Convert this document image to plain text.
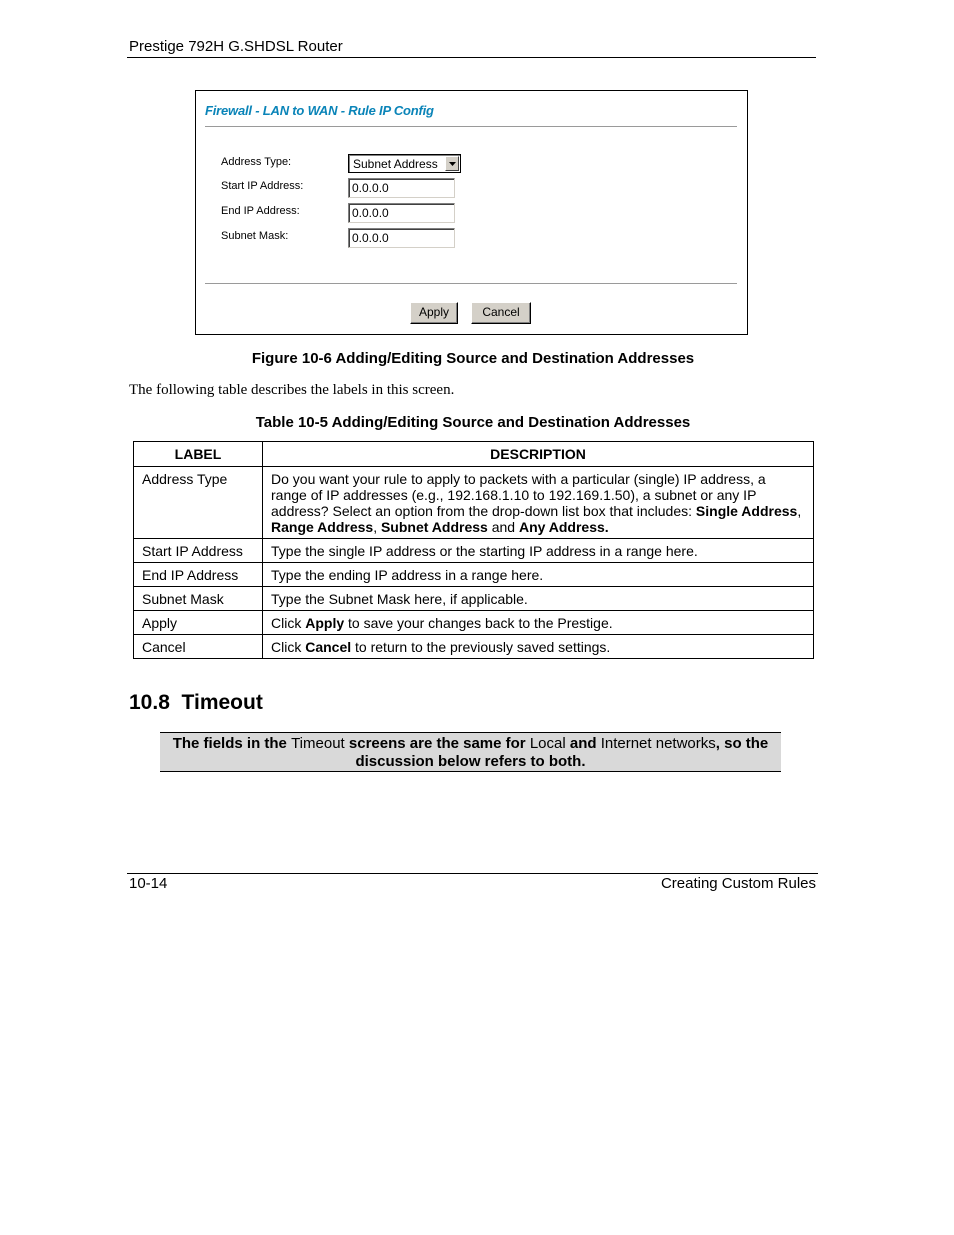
Prestige 792H G.SHDSL Router
Firewall - LAN to WAN - Rule IP Config
Address Type:	Subnet Address
Start IP Address:	0.0.0.0
End IP Address:	0.0.0.0
Subnet Mask:	0.0.0.0
Apply	Cancel
Figure 10-6 Adding/Editing Source and Destination Addresses
The following table describes the labels in this screen.
Table 10-5 Adding/Editing Source and Destination Addresses
LABEL	DESCRIPTION
Address Type	Do you want your rule to apply to packets with a particular (single) IP address, a range of IP addresses (e.g., 192.168.1.10 to 192.169.1.50), a subnet or any IP address? Select an option from the drop-down list box that includes: Single Address, Range Address, Subnet Address and Any Address.
Start IP Address	Type the single IP address or the starting IP address in a range here.
End IP Address	Type the ending IP address in a range here.
Subnet Mask	Type the Subnet Mask here, if applicable.
Apply	Click Apply to save your changes back to the Prestige.
Cancel	Click Cancel to return to the previously saved settings.
10.8 Timeout
The fields in the Timeout screens are the same for Local and Internet networks, so the discussion below refers to both.
10-14	Creating Custom Rules
